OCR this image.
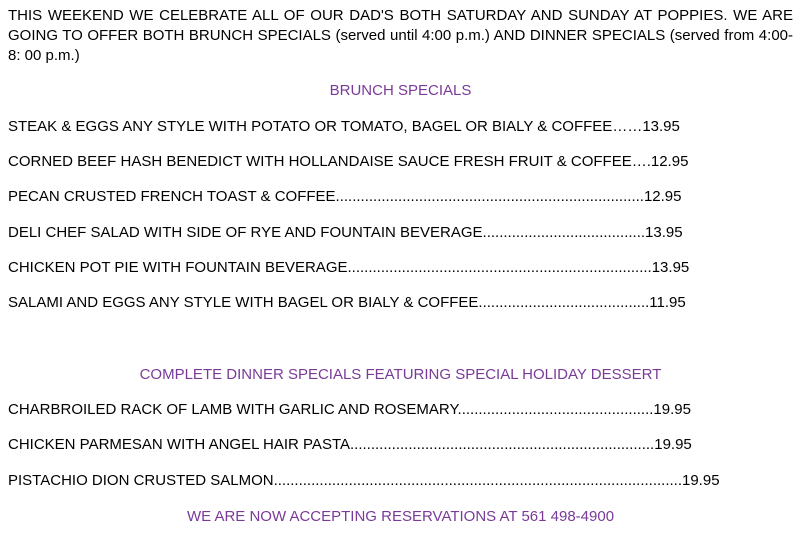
THIS WEEKEND WE CELEBRATE ALL OF OUR DAD'S BOTH SATURDAY AND SUNDAY AT POPPIES. WE ARE GOING TO OFFER BOTH BRUNCH SPECIALS (served until 4:00 p.m.) AND DINNER SPECIALS (served from 4:00-8: 00 p.m.)

BRUNCH SPECIALS
STEAK & EGGS ANY STYLE WITH POTATO OR TOMATO, BAGEL OR BIALY & COFFEE……13.95
CORNED BEEF HASH BENEDICT WITH HOLLANDAISE SAUCE FRESH FRUIT & COFFEE….12.95
PECAN CRUSTED FRENCH TOAST & COFFEE..........................................................................12.95
DELI CHEF SALAD WITH SIDE OF RYE AND FOUNTAIN BEVERAGE.......................................13.95
CHICKEN POT PIE WITH FOUNTAIN BEVERAGE.........................................................................13.95
SALAMI AND EGGS ANY STYLE WITH BAGEL OR BIALY & COFFEE.........................................11.95
COMPLETE DINNER SPECIALS FEATURING SPECIAL HOLIDAY DESSERT
CHARBROILED RACK OF LAMB WITH GARLIC AND ROSEMARY...............................................19.95
CHICKEN PARMESAN WITH ANGEL HAIR PASTA.........................................................................19.95
PISTACHIO DION CRUSTED SALMON..................................................................................................19.95
WE ARE NOW ACCEPTING RESERVATIONS AT 561 498-4900
